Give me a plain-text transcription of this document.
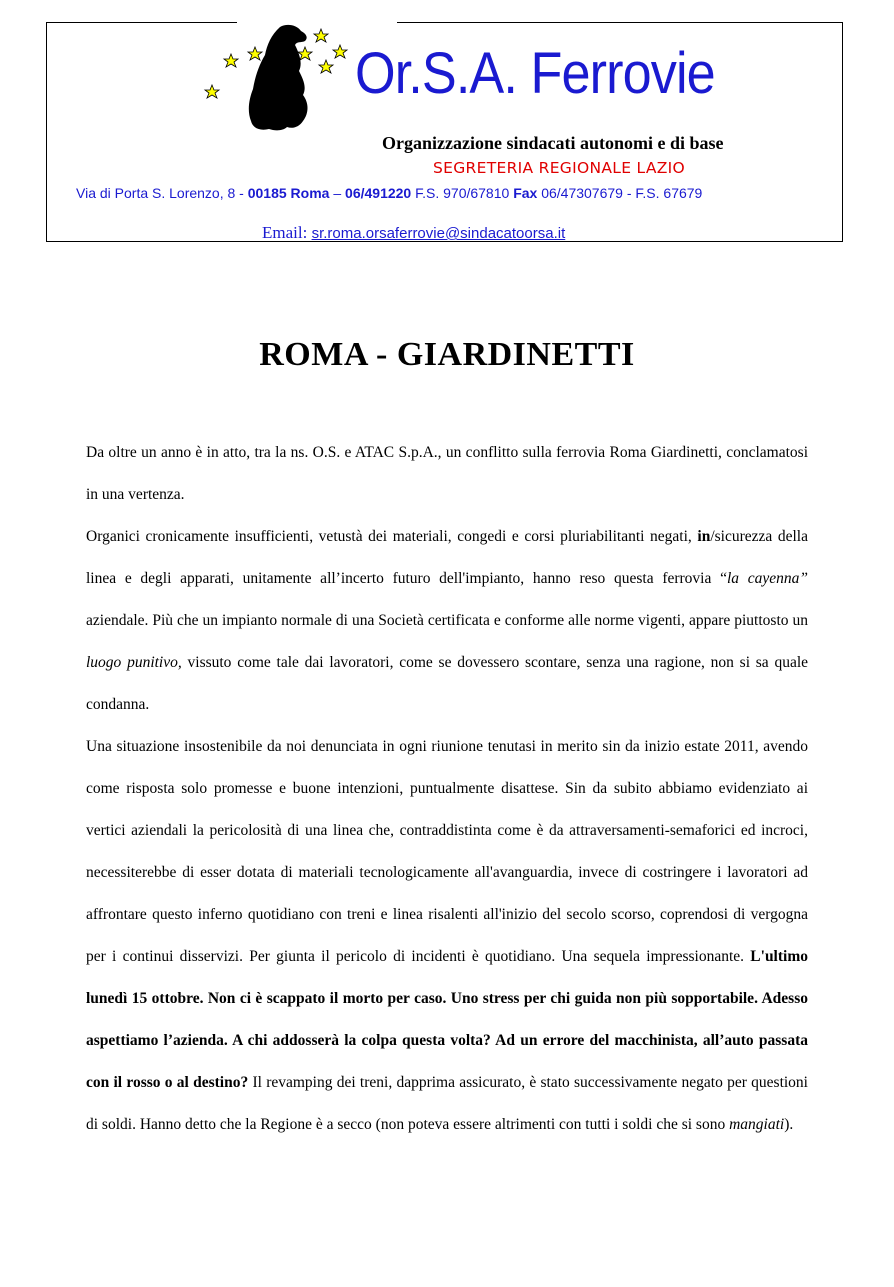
Or.S.A. Ferrovie
Organizzazione sindacati autonomi e di base
SEGRETERIA REGIONALE LAZIO
Via di Porta S. Lorenzo, 8 - 00185 Roma – 06/491220 F.S. 970/67810 Fax 06/47307679 - F.S. 67679
Email: sr.roma.orsaferrovie@sindacatoorsa.it
ROMA - GIARDINETTI

Da oltre un anno è in atto, tra la ns. O.S. e ATAC S.p.A., un conflitto sulla ferrovia Roma Giardinetti, conclamatosi in una vertenza.

Organici cronicamente insufficienti, vetustà dei materiali, congedi e corsi pluriabilitanti negati, in/sicurezza della linea e degli apparati, unitamente all’incerto futuro dell'impianto, hanno reso questa ferrovia “la cayenna” aziendale. Più che un impianto normale di una Società certificata e conforme alle norme vigenti, appare piuttosto un luogo punitivo, vissuto come tale dai lavoratori, come se dovessero scontare, senza una ragione, non si sa quale condanna.

Una situazione insostenibile da noi denunciata in ogni riunione tenutasi in merito sin da inizio estate 2011, avendo come risposta solo promesse e buone intenzioni, puntualmente disattese. Sin da subito abbiamo evidenziato ai vertici aziendali la pericolosità di una linea che, contraddistinta come è da attraversamenti-semaforici ed incroci, necessiterebbe di esser dotata di materiali tecnologicamente all'avanguardia, invece di costringere i lavoratori ad affrontare questo inferno quotidiano con treni e linea risalenti all'inizio del secolo scorso, coprendosi di vergogna per i continui disservizi. Per giunta il pericolo di incidenti è quotidiano. Una sequela impressionante. L'ultimo lunedì 15 ottobre. Non ci è scappato il morto per caso. Uno stress per chi guida non più sopportabile. Adesso aspettiamo l’azienda. A chi addosserà la colpa questa volta? Ad un errore del macchinista, all’auto passata con il rosso o al destino? Il revamping dei treni, dapprima assicurato, è stato successivamente negato per questioni di soldi. Hanno detto che la Regione è a secco (non poteva essere altrimenti con tutti i soldi che si sono mangiati).
